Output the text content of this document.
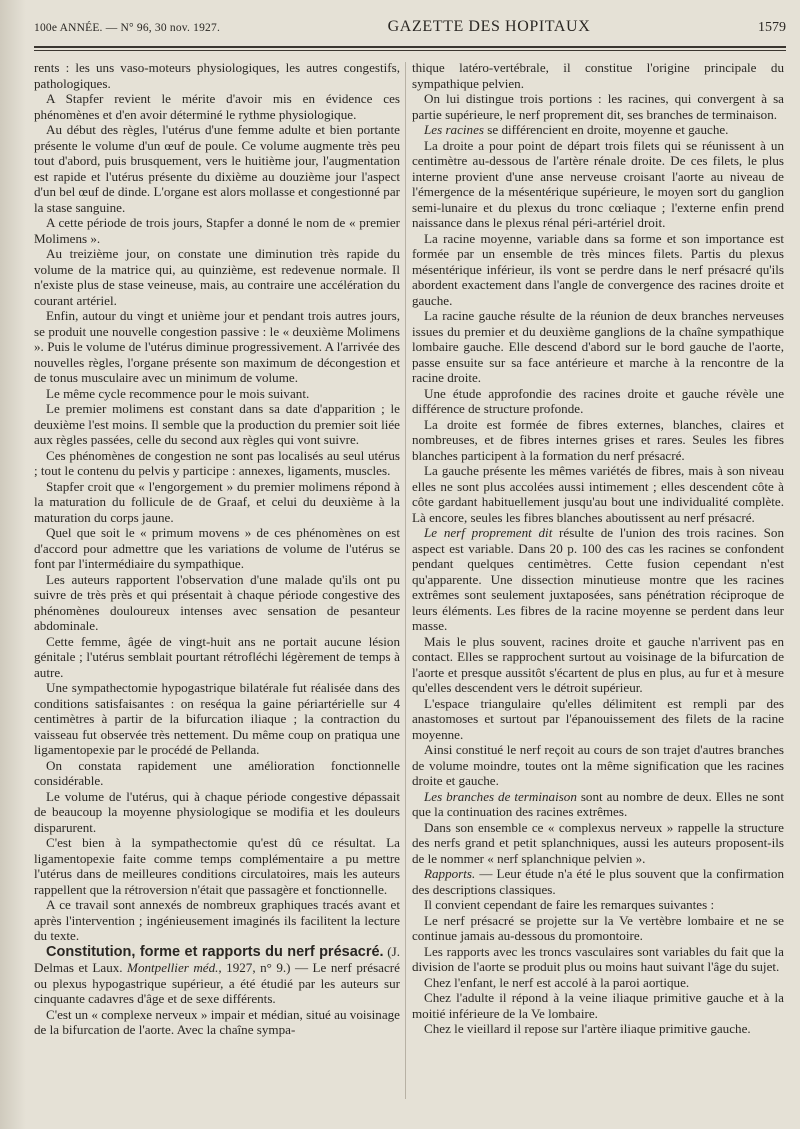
100e ANNÉE. — N° 96, 30 nov. 1927.	GAZETTE DES HOPITAUX	1579

rents : les uns vaso-moteurs physiologiques, les autres congestifs, pathologiques.

A Stapfer revient le mérite d'avoir mis en évidence ces phénomènes et d'en avoir déterminé le rythme physiologique.

Au début des règles, l'utérus d'une femme adulte et bien portante présente le volume d'un œuf de poule. Ce volume augmente très peu tout d'abord, puis brusquement, vers le huitième jour, l'augmentation est rapide et l'utérus présente du dixième au douzième jour l'aspect d'un bel œuf de dinde. L'organe est alors mollasse et congestionné par la stase sanguine.

A cette période de trois jours, Stapfer a donné le nom de « premier Molimens ».

Au treizième jour, on constate une diminution très rapide du volume de la matrice qui, au quinzième, est redevenue normale. Il n'existe plus de stase veineuse, mais, au contraire une accélération du courant artériel.

Enfin, autour du vingt et unième jour et pendant trois autres jours, se produit une nouvelle congestion passive : le « deuxième Molimens ». Puis le volume de l'utérus diminue progressivement. A l'arrivée des nouvelles règles, l'organe présente son maximum de décongestion et de tonus musculaire avec un minimum de volume.

Le même cycle recommence pour le mois suivant.

Le premier molimens est constant dans sa date d'apparition ; le deuxième l'est moins. Il semble que la production du premier soit liée aux règles passées, celle du second aux règles qui vont suivre.

Ces phénomènes de congestion ne sont pas localisés au seul utérus ; tout le contenu du pelvis y participe : annexes, ligaments, muscles.

Stapfer croit que « l'engorgement » du premier molimens répond à la maturation du follicule de de Graaf, et celui du deuxième à la maturation du corps jaune.

Quel que soit le « primum movens » de ces phénomènes on est d'accord pour admettre que les variations de volume de l'utérus se font par l'intermédiaire du sympathique.

Les auteurs rapportent l'observation d'une malade qu'ils ont pu suivre de très près et qui présentait à chaque période congestive des phénomènes douloureux intenses avec sensation de pesanteur abdominale.

Cette femme, âgée de vingt-huit ans ne portait aucune lésion génitale ; l'utérus semblait pourtant rétrofléchi légèrement de temps à autre.

Une sympathectomie hypogastrique bilatérale fut réalisée dans des conditions satisfaisantes : on reséqua la gaine périartérielle sur 4 centimètres à partir de la bifurcation iliaque ; la contraction du vaisseau fut observée très nettement. Du même coup on pratiqua une ligamentopexie par le procédé de Pellanda.

On constata rapidement une amélioration fonctionnelle considérable.

Le volume de l'utérus, qui à chaque période congestive dépassait de beaucoup la moyenne physiologique se modifia et les douleurs disparurent.

C'est bien à la sympathectomie qu'est dû ce résultat. La ligamentopexie faite comme temps complémentaire a pu mettre l'utérus dans de meilleures conditions circulatoires, mais les auteurs rappellent que la rétroversion n'était que passagère et fonctionnelle.

A ce travail sont annexés de nombreux graphiques tracés avant et après l'intervention ; ingénieusement imaginés ils facilitent la lecture du texte.

Constitution, forme et rapports du nerf présacré. (J. Delmas et Laux. Montpellier méd., 1927, n° 9.) — Le nerf présacré ou plexus hypogastrique supérieur, a été étudié par les auteurs sur cinquante cadavres d'âge et de sexe différents.

C'est un « complexe nerveux » impair et médian, situé au voisinage de la bifurcation de l'aorte. Avec la chaîne sympa-

thique latéro-vertébrale, il constitue l'origine principale du sympathique pelvien.

On lui distingue trois portions : les racines, qui convergent à sa partie supérieure, le nerf proprement dit, ses branches de terminaison.

Les racines se différencient en droite, moyenne et gauche.

La droite a pour point de départ trois filets qui se réunissent à un centimètre au-dessous de l'artère rénale droite. De ces filets, le plus interne provient d'une anse nerveuse croisant l'aorte au niveau de l'émergence de la mésentérique supérieure, le moyen sort du ganglion semi-lunaire et du plexus du tronc cœliaque ; l'externe enfin prend naissance dans le plexus rénal péri-artériel droit.

La racine moyenne, variable dans sa forme et son importance est formée par un ensemble de très minces filets. Partis du plexus mésentérique inférieur, ils vont se perdre dans le nerf présacré qu'ils abordent exactement dans l'angle de convergence des racines droite et gauche.

La racine gauche résulte de la réunion de deux branches nerveuses issues du premier et du deuxième ganglions de la chaîne sympathique lombaire gauche. Elle descend d'abord sur le bord gauche de l'aorte, passe ensuite sur sa face antérieure et marche à la rencontre de la racine droite.

Une étude approfondie des racines droite et gauche révèle une différence de structure profonde.

La droite est formée de fibres externes, blanches, claires et nombreuses, et de fibres internes grises et rares. Seules les fibres blanches participent à la formation du nerf présacré.

La gauche présente les mêmes variétés de fibres, mais à son niveau elles ne sont plus accolées aussi intimement ; elles descendent côte à côte gardant habituellement jusqu'au bout une individualité complète. Là encore, seules les fibres blanches aboutissent au nerf présacré.

Le nerf proprement dit résulte de l'union des trois racines. Son aspect est variable. Dans 20 p. 100 des cas les racines se confondent pendant quelques centimètres. Cette fusion cependant n'est qu'apparente. Une dissection minutieuse montre que les racines extrêmes sont seulement juxtaposées, sans pénétration réciproque de leurs éléments. Les fibres de la racine moyenne se perdent dans leur masse.

Mais le plus souvent, racines droite et gauche n'arrivent pas en contact. Elles se rapprochent surtout au voisinage de la bifurcation de l'aorte et presque aussitôt s'écartent de plus en plus, au fur et à mesure qu'elles descendent vers le détroit supérieur.

L'espace triangulaire qu'elles délimitent est rempli par des anastomoses et surtout par l'épanouissement des filets de la racine moyenne.

Ainsi constitué le nerf reçoit au cours de son trajet d'autres branches de volume moindre, toutes ont la même signification que les racines droite et gauche.

Les branches de terminaison sont au nombre de deux. Elles ne sont que la continuation des racines extrêmes.

Dans son ensemble ce « complexus nerveux » rappelle la structure des nerfs grand et petit splanchniques, aussi les auteurs proposent-ils de le nommer « nerf splanchnique pelvien ».

Rapports. — Leur étude n'a été le plus souvent que la confirmation des descriptions classiques.

Il convient cependant de faire les remarques suivantes :

Le nerf présacré se projette sur la Ve vertèbre lombaire et ne se continue jamais au-dessous du promontoire.

Les rapports avec les troncs vasculaires sont variables du fait que la division de l'aorte se produit plus ou moins haut suivant l'âge du sujet.

Chez l'enfant, le nerf est accolé à la paroi aortique.

Chez l'adulte il répond à la veine iliaque primitive gauche et à la moitié inférieure de la Ve lombaire.

Chez le vieillard il repose sur l'artère iliaque primitive gauche.
